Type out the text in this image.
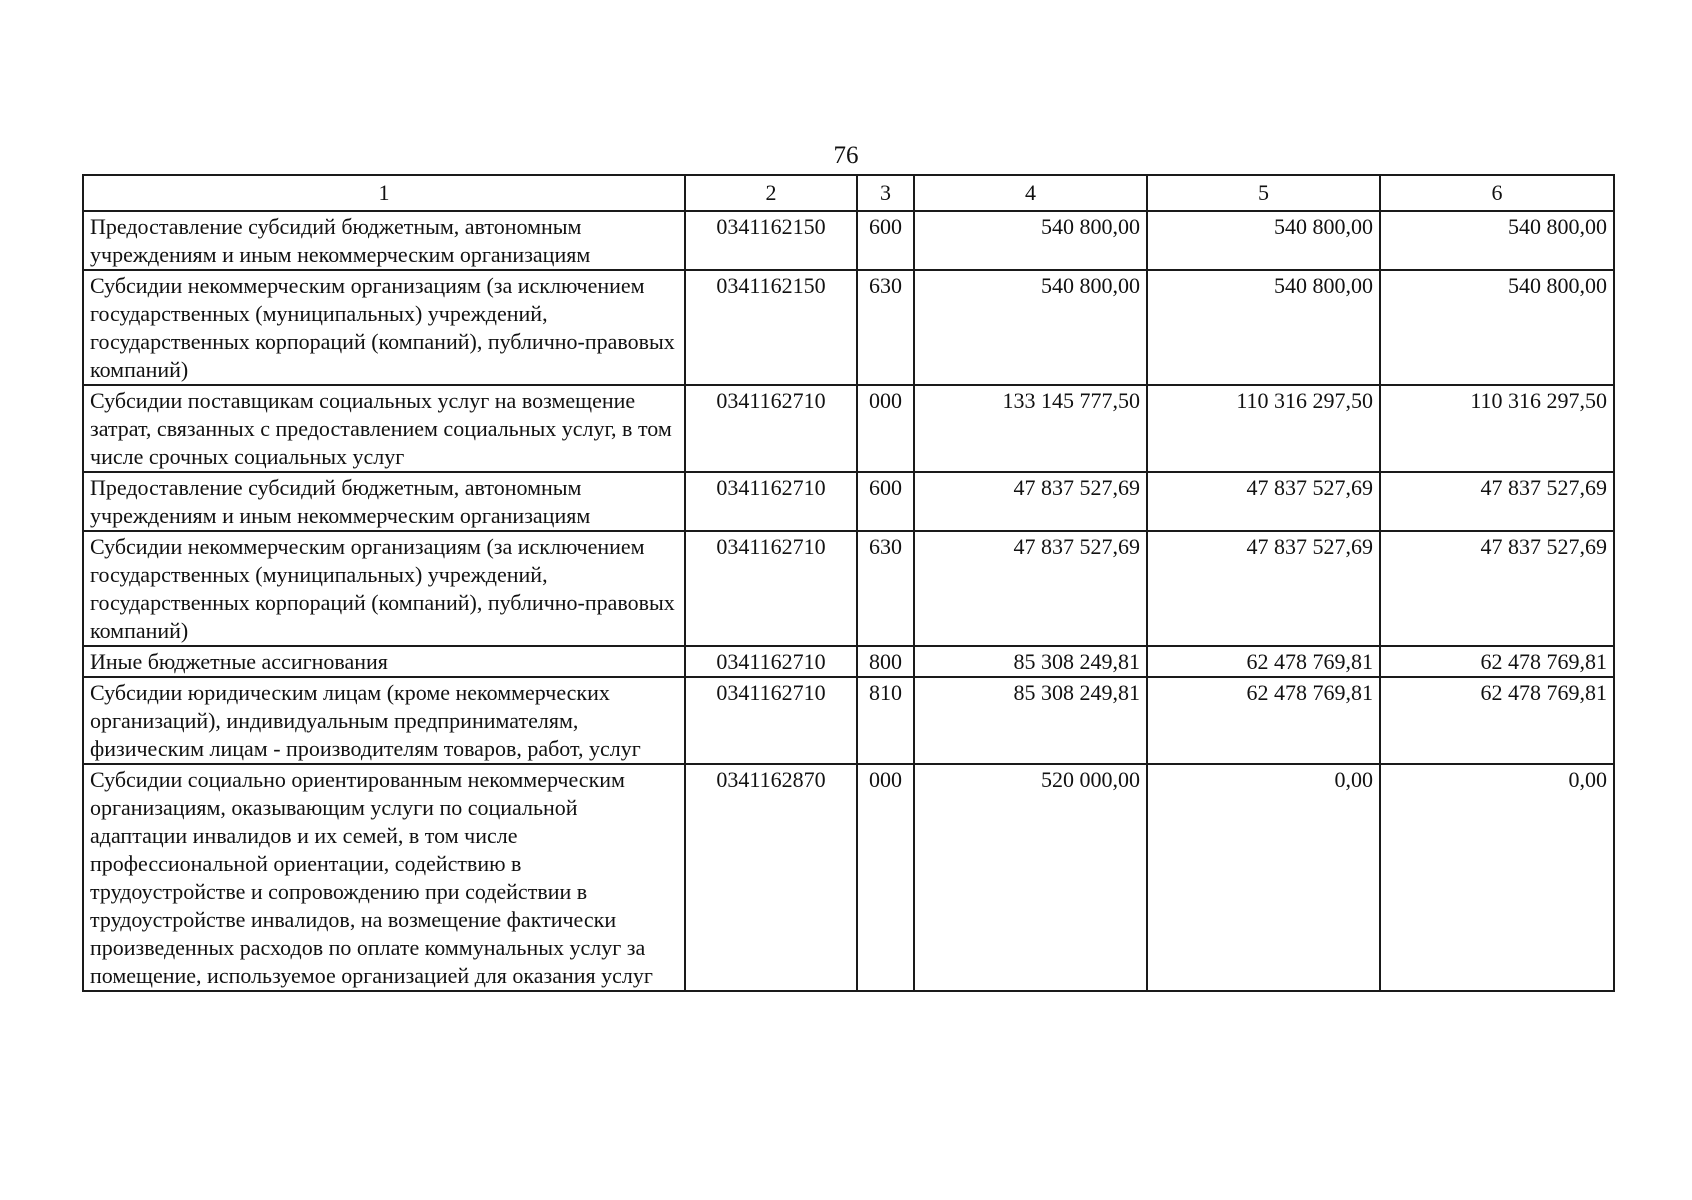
76
1	2	3	4	5	6
Предоставление субсидий бюджетным, автономным учреждениям и иным некоммерческим организациям	0341162150	600	540 800,00	540 800,00	540 800,00
Субсидии некоммерческим организациям (за исключением государственных (муниципальных) учреждений, государственных корпораций (компаний), публично-правовых компаний)	0341162150	630	540 800,00	540 800,00	540 800,00
Субсидии поставщикам социальных услуг на возмещение затрат, связанных с предоставлением социальных услуг, в том числе срочных социальных услуг	0341162710	000	133 145 777,50	110 316 297,50	110 316 297,50
Предоставление субсидий бюджетным, автономным учреждениям и иным некоммерческим организациям	0341162710	600	47 837 527,69	47 837 527,69	47 837 527,69
Субсидии некоммерческим организациям (за исключением государственных (муниципальных) учреждений, государственных корпораций (компаний), публично-правовых компаний)	0341162710	630	47 837 527,69	47 837 527,69	47 837 527,69
Иные бюджетные ассигнования	0341162710	800	85 308 249,81	62 478 769,81	62 478 769,81
Субсидии юридическим лицам (кроме некоммерческих организаций), индивидуальным предпринимателям, физическим лицам - производителям товаров, работ, услуг	0341162710	810	85 308 249,81	62 478 769,81	62 478 769,81
Субсидии социально ориентированным некоммерческим организациям, оказывающим услуги по социальной адаптации инвалидов и их семей, в том числе профессиональной ориентации, содействию в трудоустройстве и сопровождению при содействии в трудоустройстве инвалидов, на возмещение фактически произведенных расходов по оплате коммунальных услуг за помещение, используемое организацией для оказания услуг	0341162870	000	520 000,00	0,00	0,00
